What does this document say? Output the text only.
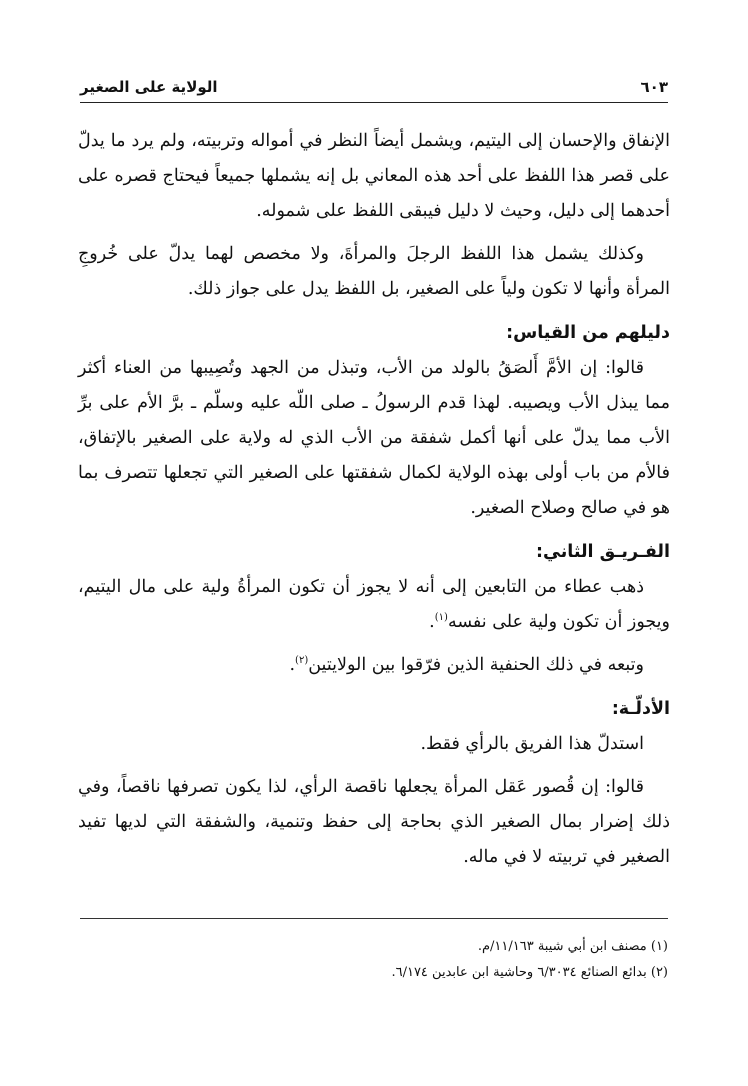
٦٠٣
الولاية على الصغير

الإنفاق والإحسان إلى اليتيم، ويشمل أيضاً النظر في أمواله وتربيته، ولم يرد ما يدلّ على قصر هذا اللفظ على أحد هذه المعاني بل إنه يشملها جميعاً فيحتاج قصره على أحدهما إلى دليل، وحيث لا دليل فيبقى اللفظ على شموله.

وكذلك يشمل هذا اللفظ الرجلَ والمرأةَ، ولا مخصص لهما يدلّ على خُروجِ المرأة وأنها لا تكون ولياً على الصغير، بل اللفظ يدل على جواز ذلك.

دليلهم من القياس:

قالوا: إن الأمَّ أَلصَقُ بالولد من الأب، وتبذل من الجهد وتُصِيبها من العناء أكثر مما يبذل الأب ويصيبه. لهذا قدم الرسولُ ـ صلى اللّه عليه وسلّم ـ برَّ الأم على برِّ الأب مما يدلّ على أنها أكمل شفقة من الأب الذي له ولاية على الصغير بالإتفاق، فالأم من باب أولى بهذه الولاية لكمال شفقتها على الصغير التي تجعلها تتصرف بما هو في صالح وصلاح الصغير.

الفـريـق الثاني:

ذهب عطاء من التابعين إلى أنه لا يجوز أن تكون المرأةُ ولية على مال اليتيم، ويجوز أن تكون ولية على نفسه$^{(١)}$.

وتبعه في ذلك الحنفية الذين فرّقوا بين الولايتين$^{(٢)}$.

الأدلّـة:

استدلّ هذا الفريق بالرأي فقط.

قالوا: إن قُصور عَقل المرأة يجعلها ناقصة الرأي، لذا يكون تصرفها ناقصاً، وفي ذلك إضرار بمال الصغير الذي بحاجة إلى حفظ وتنمية، والشفقة التي لديها تفيد الصغير في تربيته لا في ماله.

(١) مصنف ابن أبي شيبة ١١/١٦٣/م.

(٢) بدائع الصنائع ٦/٣٠٣٤ وحاشية ابن عابدين ٦/١٧٤.
